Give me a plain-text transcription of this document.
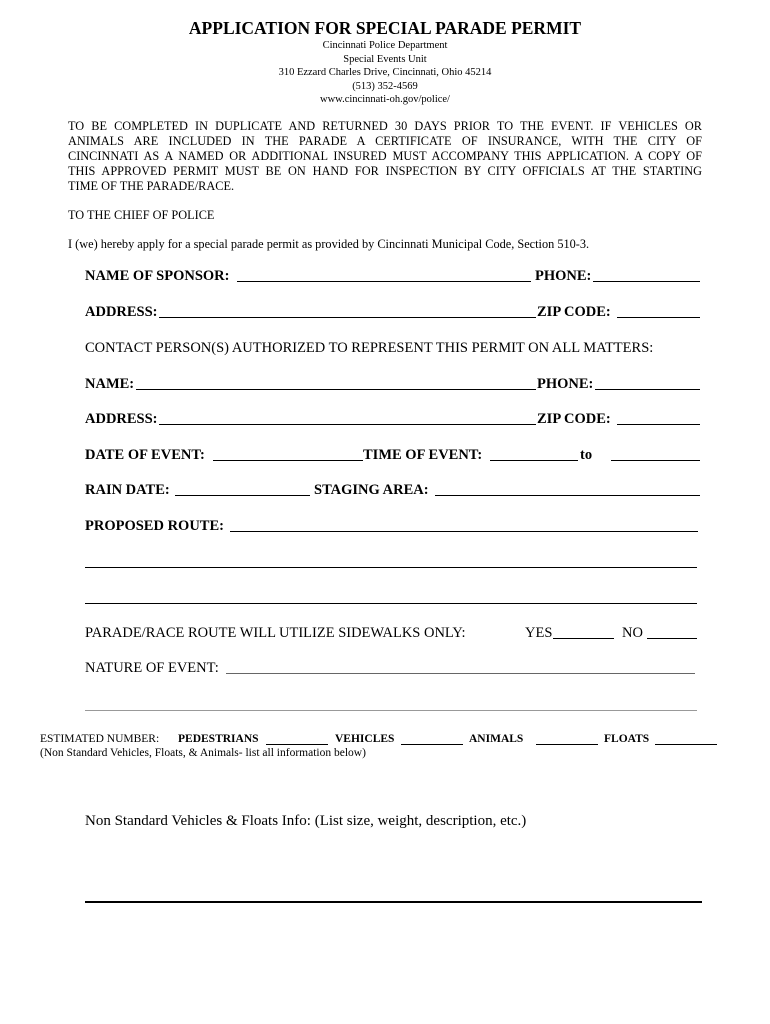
APPLICATION FOR SPECIAL PARADE PERMIT
Cincinnati Police Department
Special Events Unit
310 Ezzard Charles Drive, Cincinnati, Ohio 45214
(513) 352-4569
www.cincinnati-oh.gov/police/
TO BE COMPLETED IN DUPLICATE AND RETURNED 30 DAYS PRIOR TO THE EVENT. IF VEHICLES OR
ANIMALS ARE INCLUDED IN THE PARADE A CERTIFICATE OF INSURANCE, WITH THE CITY OF
CINCINNATI AS A NAMED OR ADDITIONAL INSURED MUST ACCOMPANY THIS APPLICATION. A COPY OF
THIS APPROVED PERMIT MUST BE ON HAND FOR INSPECTION BY CITY OFFICIALS AT THE STARTING
TIME OF THE PARADE/RACE.
TO THE CHIEF OF POLICE
I (we) hereby apply for a special parade permit as provided by Cincinnati Municipal Code, Section 510-3.
NAME OF SPONSOR:	PHONE:
ADDRESS:	ZIP CODE:
CONTACT PERSON(S) AUTHORIZED TO REPRESENT THIS PERMIT ON ALL MATTERS:
NAME:	PHONE:
ADDRESS:	ZIP CODE:
DATE OF EVENT:	TIME OF EVENT:	to
RAIN DATE:	STAGING AREA:
PROPOSED ROUTE:
PARADE/RACE ROUTE WILL UTILIZE SIDEWALKS ONLY:	YES	NO
NATURE OF EVENT:
ESTIMATED NUMBER: PEDESTRIANS	VEHICLES	ANIMALS	FLOATS
(Non Standard Vehicles, Floats, & Animals- list all information below)
Non Standard Vehicles & Floats Info: (List size, weight, description, etc.)
